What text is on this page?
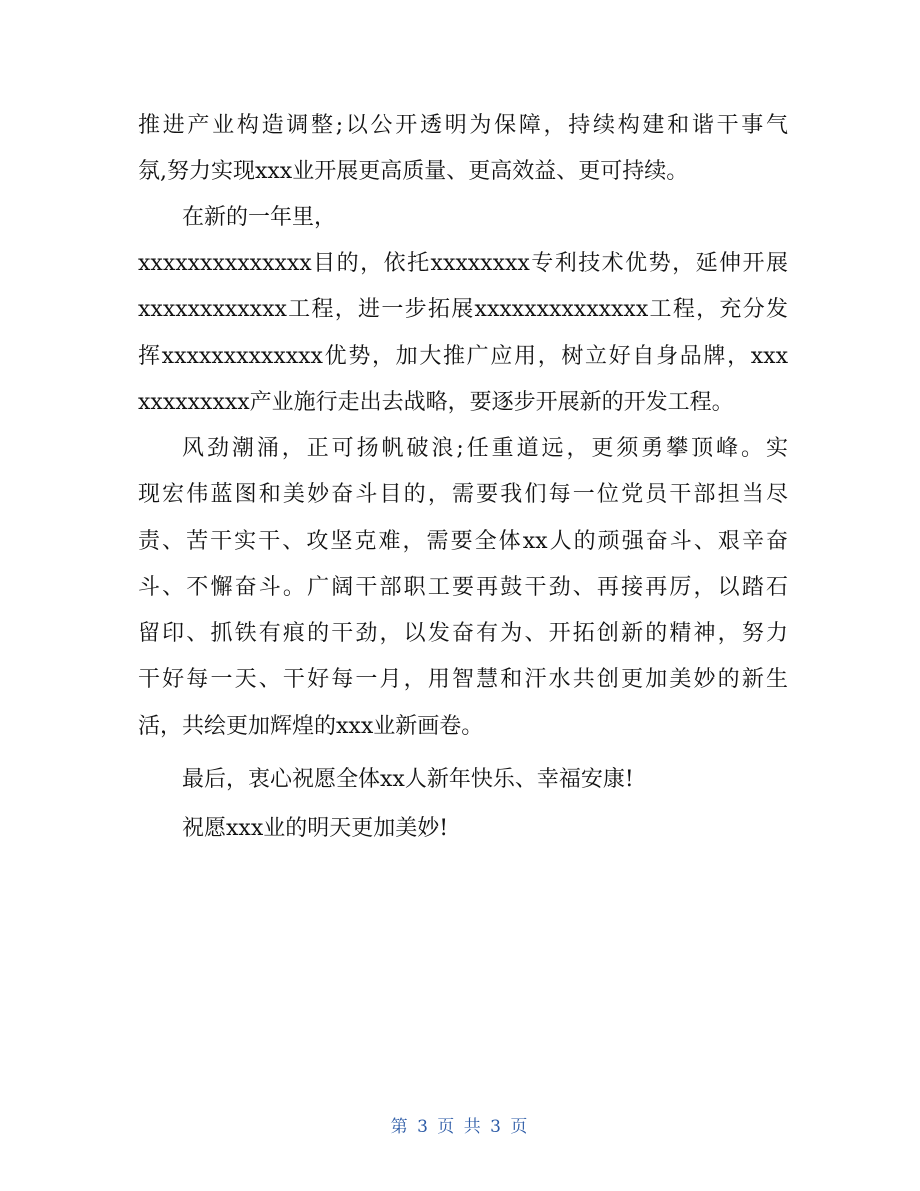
推进产业构造调整;以公开透明为保障，持续构建和谐干事气
氛,努力实现xxx业开展更高质量、更高效益、更可持续。
在新的一年里，
xxxxxxxxxxxxxx目的，依托xxxxxxxx专利技术优势，延伸开展
xxxxxxxxxxxx工程，进一步拓展xxxxxxxxxxxxxx工程，充分发
挥xxxxxxxxxxxxx优势，加大推广应用，树立好自身品牌，xxx
xxxxxxxxx产业施行走出去战略，要逐步开展新的开发工程。
风劲潮涌，正可扬帆破浪;任重道远，更须勇攀顶峰。实
现宏伟蓝图和美妙奋斗目的，需要我们每一位党员干部担当尽
责、苦干实干、攻坚克难，需要全体xx人的顽强奋斗、艰辛奋
斗、不懈奋斗。广阔干部职工要再鼓干劲、再接再厉，以踏石
留印、抓铁有痕的干劲，以发奋有为、开拓创新的精神，努力
干好每一天、干好每一月，用智慧和汗水共创更加美妙的新生
活，共绘更加辉煌的xxx业新画卷。
最后，衷心祝愿全体xx人新年快乐、幸福安康!
祝愿xxx业的明天更加美妙!
第 3 页 共 3 页
